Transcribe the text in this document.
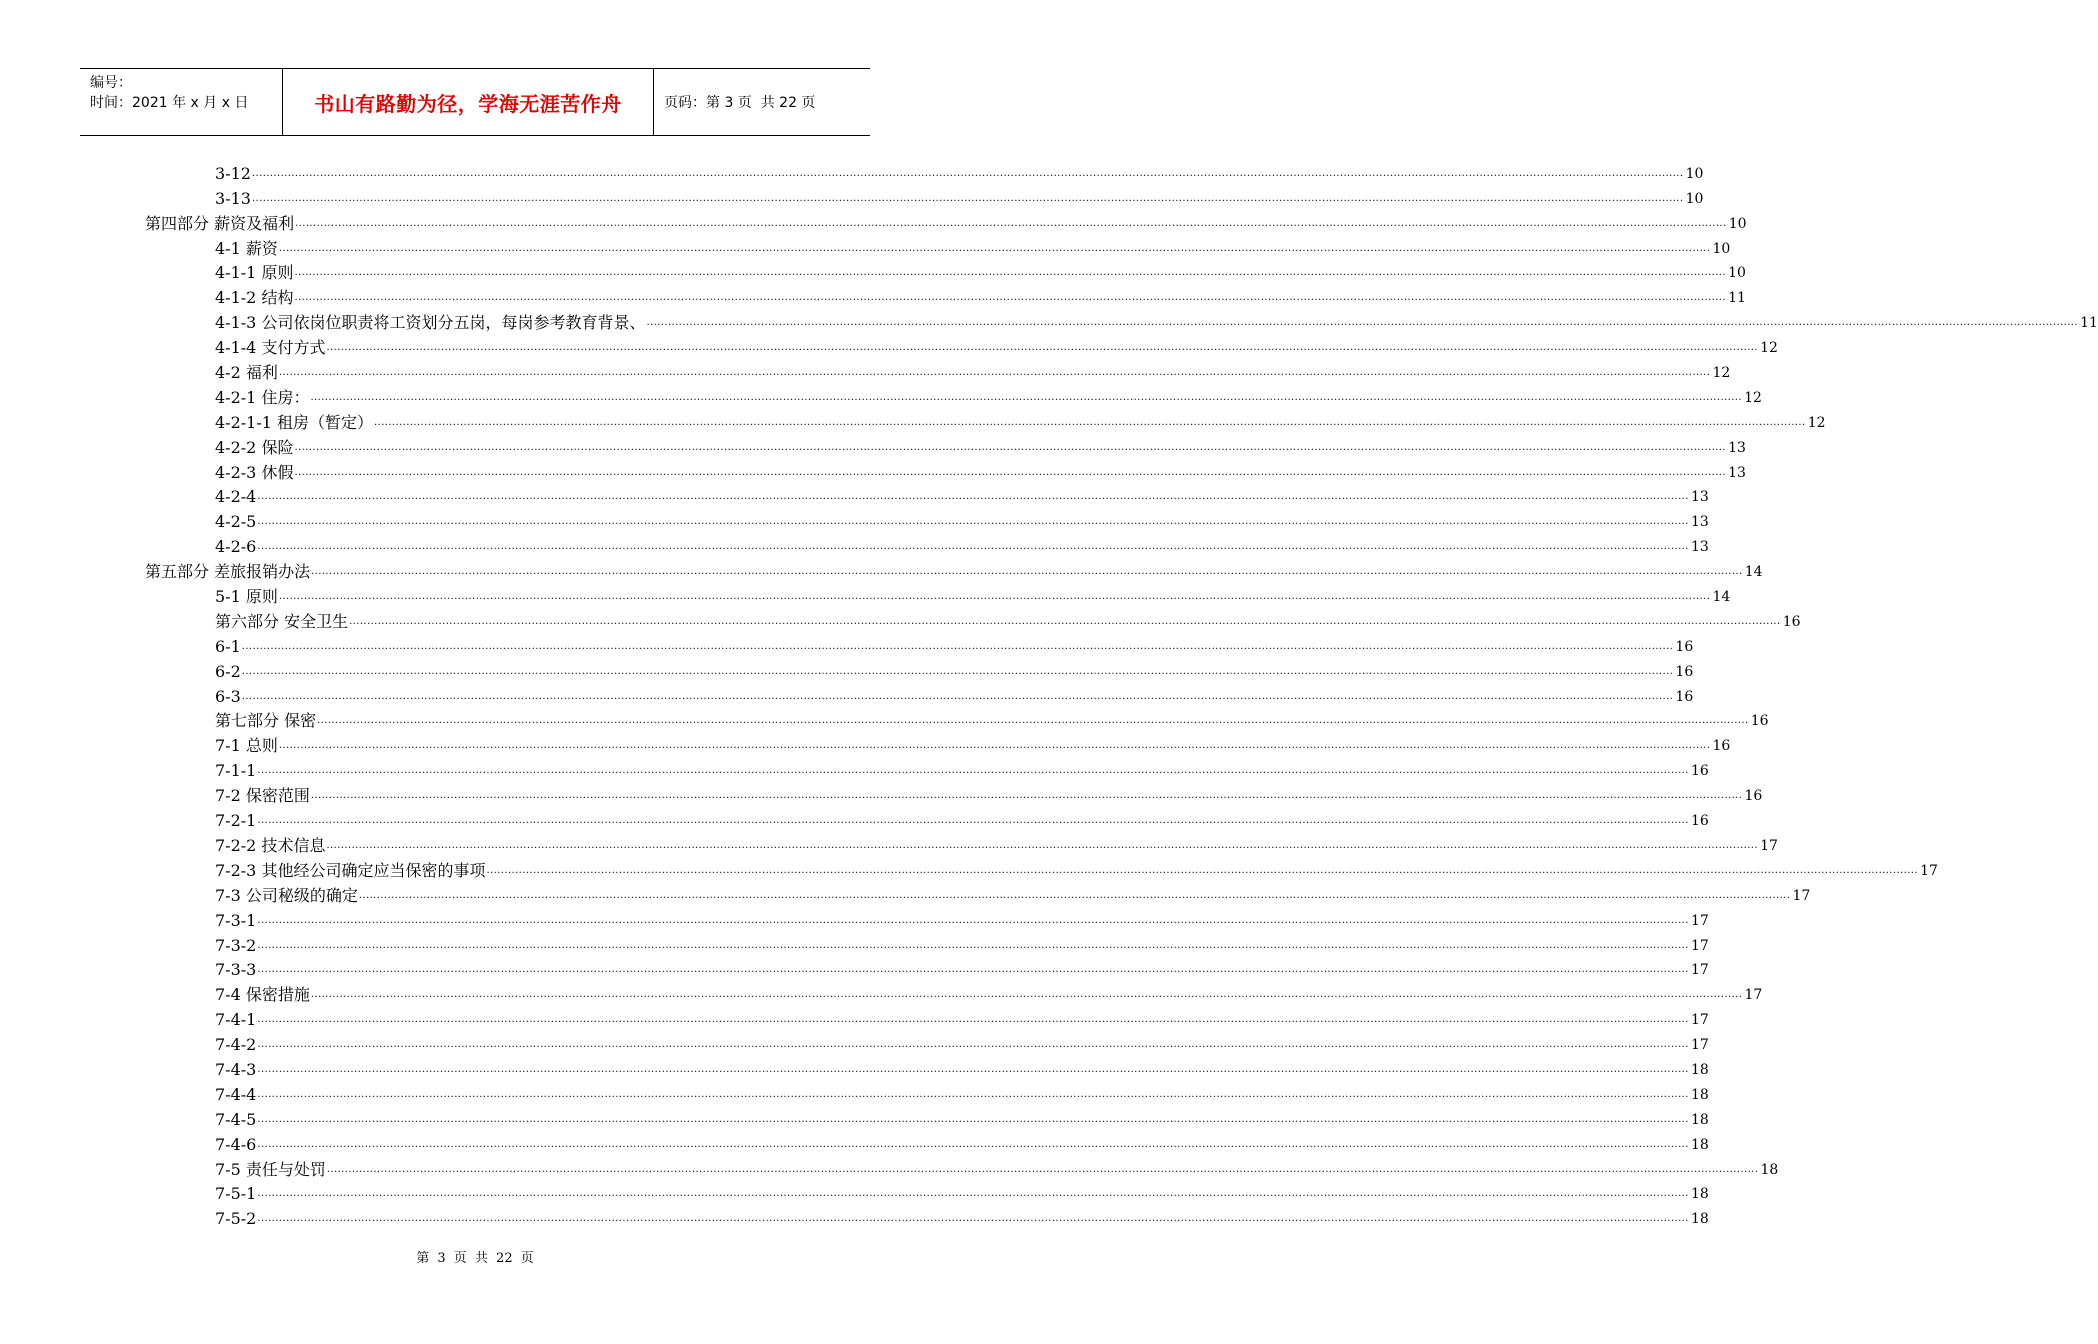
编号：
时间：2021 年 x 月 x 日	书山有路勤为径，学海无涯苦作舟	页码：第 3 页  共 22 页
3-12 ................................................................................................................................................................................................................................................................................................................................................................................................................ 10
3-13 ................................................................................................................................................................................................................................................................................................................................................................................................................ 10
第四部分 薪资及福利 ................................................................................................................................................................................................................................................................................................................................................................................................................ 10
4-1 薪资 ................................................................................................................................................................................................................................................................................................................................................................................................................ 10
4-1-1 原则 ................................................................................................................................................................................................................................................................................................................................................................................................................ 10
4-1-2 结构 ................................................................................................................................................................................................................................................................................................................................................................................................................ 11
4-1-3 公司依岗位职责将工资划分五岗，每岗参考教育背景、 ................................................................................................................................................................................................................................................................................................................................................................................................................ 11
4-1-4 支付方式 ................................................................................................................................................................................................................................................................................................................................................................................................................ 12
4-2 福利 ................................................................................................................................................................................................................................................................................................................................................................................................................ 12
4-2-1 住房： ................................................................................................................................................................................................................................................................................................................................................................................................................ 12
4-2-1-1 租房（暂定） ................................................................................................................................................................................................................................................................................................................................................................................................................ 12
4-2-2 保险 ................................................................................................................................................................................................................................................................................................................................................................................................................ 13
4-2-3 休假 ................................................................................................................................................................................................................................................................................................................................................................................................................ 13
4-2-4 ................................................................................................................................................................................................................................................................................................................................................................................................................ 13
4-2-5 ................................................................................................................................................................................................................................................................................................................................................................................................................ 13
4-2-6 ................................................................................................................................................................................................................................................................................................................................................................................................................ 13
第五部分 差旅报销办法 ................................................................................................................................................................................................................................................................................................................................................................................................................ 14
5-1 原则 ................................................................................................................................................................................................................................................................................................................................................................................................................ 14
第六部分 安全卫生 ................................................................................................................................................................................................................................................................................................................................................................................................................ 16
6-1 ................................................................................................................................................................................................................................................................................................................................................................................................................ 16
6-2 ................................................................................................................................................................................................................................................................................................................................................................................................................ 16
6-3 ................................................................................................................................................................................................................................................................................................................................................................................................................ 16
第七部分 保密 ................................................................................................................................................................................................................................................................................................................................................................................................................ 16
7-1 总则 ................................................................................................................................................................................................................................................................................................................................................................................................................ 16
7-1-1 ................................................................................................................................................................................................................................................................................................................................................................................................................ 16
7-2 保密范围 ................................................................................................................................................................................................................................................................................................................................................................................................................ 16
7-2-1 ................................................................................................................................................................................................................................................................................................................................................................................................................ 16
7-2-2 技术信息 ................................................................................................................................................................................................................................................................................................................................................................................................................ 17
7-2-3 其他经公司确定应当保密的事项 ................................................................................................................................................................................................................................................................................................................................................................................................................ 17
7-3 公司秘级的确定 ................................................................................................................................................................................................................................................................................................................................................................................................................ 17
7-3-1 ................................................................................................................................................................................................................................................................................................................................................................................................................ 17
7-3-2 ................................................................................................................................................................................................................................................................................................................................................................................................................ 17
7-3-3 ................................................................................................................................................................................................................................................................................................................................................................................................................ 17
7-4 保密措施 ................................................................................................................................................................................................................................................................................................................................................................................................................ 17
7-4-1 ................................................................................................................................................................................................................................................................................................................................................................................................................ 17
7-4-2 ................................................................................................................................................................................................................................................................................................................................................................................................................ 17
7-4-3 ................................................................................................................................................................................................................................................................................................................................................................................................................ 18
7-4-4 ................................................................................................................................................................................................................................................................................................................................................................................................................ 18
7-4-5 ................................................................................................................................................................................................................................................................................................................................................................................................................ 18
7-4-6 ................................................................................................................................................................................................................................................................................................................................................................................................................ 18
7-5 责任与处罚 ................................................................................................................................................................................................................................................................................................................................................................................................................ 18
7-5-1 ................................................................................................................................................................................................................................................................................................................................................................................................................ 18
7-5-2 ................................................................................................................................................................................................................................................................................................................................................................................................................ 18
第 3 页 共 22 页
